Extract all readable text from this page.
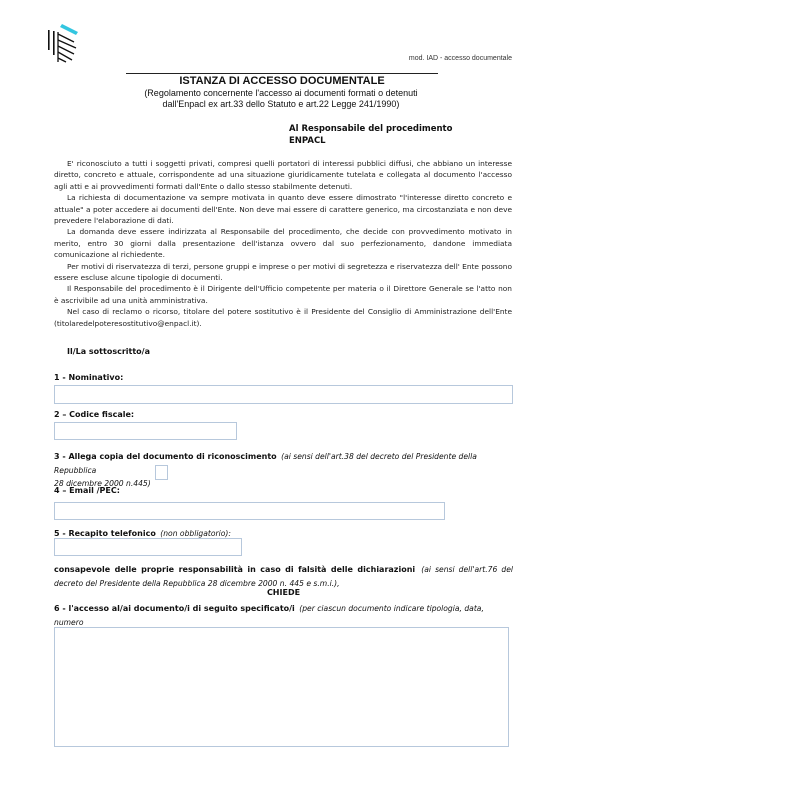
mod. IAD - accesso documentale
ISTANZA DI ACCESSO DOCUMENTALE
(Regolamento concernente l'accesso ai documenti formati o detenuti
dall'Enpacl ex art.33 dello Statuto e art.22 Legge 241/1990)
Al Responsabile del procedimento
ENPACL

E' riconosciuto a tutti i soggetti privati, compresi quelli portatori di interessi pubblici diffusi, che abbiano un interesse diretto, concreto e attuale, corrispondente ad una situazione giuridicamente tutelata e collegata al documento l'accesso agli atti e ai provvedimenti formati dall'Ente o dallo stesso stabilmente detenuti.

La richiesta di documentazione va sempre motivata in quanto deve essere dimostrato "l'interesse diretto concreto e attuale" a poter accedere ai documenti dell'Ente. Non deve mai essere di carattere generico, ma circostanziata e non deve prevedere l'elaborazione di dati.

La domanda deve essere indirizzata al Responsabile del procedimento, che decide con provvedimento motivato in merito, entro 30 giorni dalla presentazione dell'istanza ovvero dal suo perfezionamento, dandone immediata comunicazione al richiedente.

Per motivi di riservatezza di terzi, persone gruppi e imprese o per motivi di segretezza e riservatezza dell' Ente possono essere escluse alcune tipologie di documenti.

Il Responsabile del procedimento è il Dirigente dell'Ufficio competente per materia o il Direttore Generale se l'atto non è ascrivibile ad una unità amministrativa.

Nel caso di reclamo o ricorso, titolare del potere sostitutivo è il Presidente del Consiglio di Amministrazione dell'Ente (titolaredelpoteresostitutivo@enpacl.it).

Il/La sottoscritto/a
1 - Nominativo:
2 – Codice fiscale:
3 - Allega copia del documento di riconoscimento (ai sensi dell'art.38 del decreto del Presidente della Repubblica
28 dicembre 2000 n.445)
4 – Email /PEC:
5 - Recapito telefonico (non obbligatorio):
consapevole delle proprie responsabilità in caso di falsità delle dichiarazioni (ai sensi dell'art.76 del decreto del Presidente della Repubblica 28 dicembre 2000 n. 445 e s.m.i.),
CHIEDE
6 - l'accesso al/ai documento/i di seguito specificato/i (per ciascun documento indicare tipologia, data, numero
